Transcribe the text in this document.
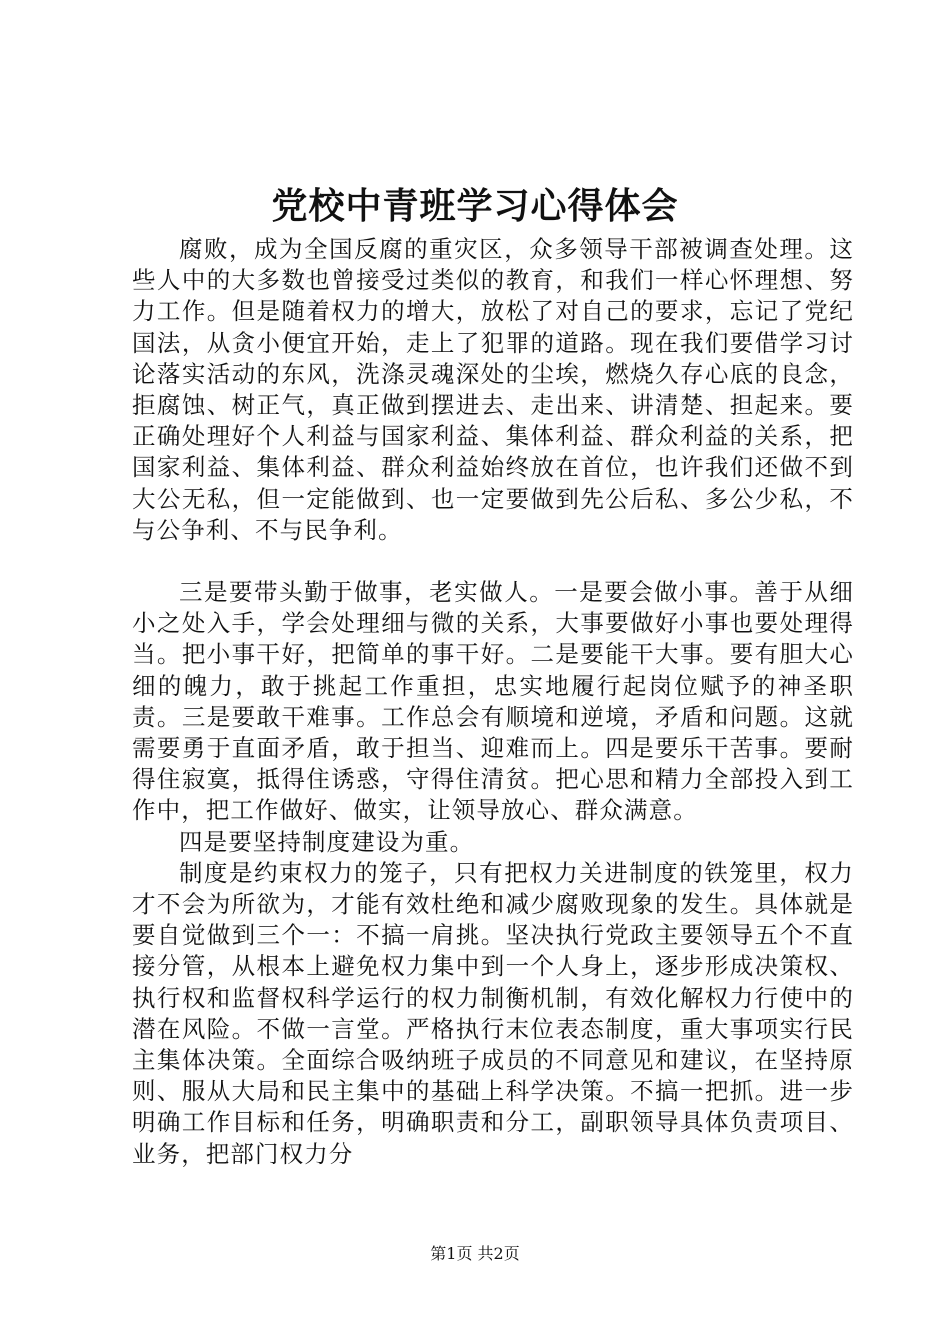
党校中青班学习心得体会

腐败，成为全国反腐的重灾区，众多领导干部被调查处理。这些人中的大多数也曾接受过类似的教育，和我们一样心怀理想、努力工作。但是随着权力的增大，放松了对自己的要求，忘记了党纪国法，从贪小便宜开始，走上了犯罪的道路。现在我们要借学习讨论落实活动的东风，洗涤灵魂深处的尘埃，燃烧久存心底的良念，拒腐蚀、树正气，真正做到摆进去、走出来、讲清楚、担起来。要正确处理好个人利益与国家利益、集体利益、群众利益的关系，把国家利益、集体利益、群众利益始终放在首位，也许我们还做不到大公无私，但一定能做到、也一定要做到先公后私、多公少私，不与公争利、不与民争利。

三是要带头勤于做事，老实做人。一是要会做小事。善于从细小之处入手，学会处理细与微的关系，大事要做好小事也要处理得当。把小事干好，把简单的事干好。二是要能干大事。要有胆大心细的魄力，敢于挑起工作重担，忠实地履行起岗位赋予的神圣职责。三是要敢干难事。工作总会有顺境和逆境，矛盾和问题。这就需要勇于直面矛盾，敢于担当、迎难而上。四是要乐干苦事。要耐得住寂寞，抵得住诱惑，守得住清贫。把心思和精力全部投入到工作中，把工作做好、做实，让领导放心、群众满意。

四是要坚持制度建设为重。

制度是约束权力的笼子，只有把权力关进制度的铁笼里，权力才不会为所欲为，才能有效杜绝和减少腐败现象的发生。具体就是要自觉做到三个一：不搞一肩挑。坚决执行党政主要领导五个不直接分管，从根本上避免权力集中到一个人身上，逐步形成决策权、执行权和监督权科学运行的权力制衡机制，有效化解权力行使中的潜在风险。不做一言堂。严格执行末位表态制度，重大事项实行民主集体决策。全面综合吸纳班子成员的不同意见和建议，在坚持原则、服从大局和民主集中的基础上科学决策。不搞一把抓。进一步明确工作目标和任务，明确职责和分工，副职领导具体负责项目、业务，把部门权力分

第1页 共2页
